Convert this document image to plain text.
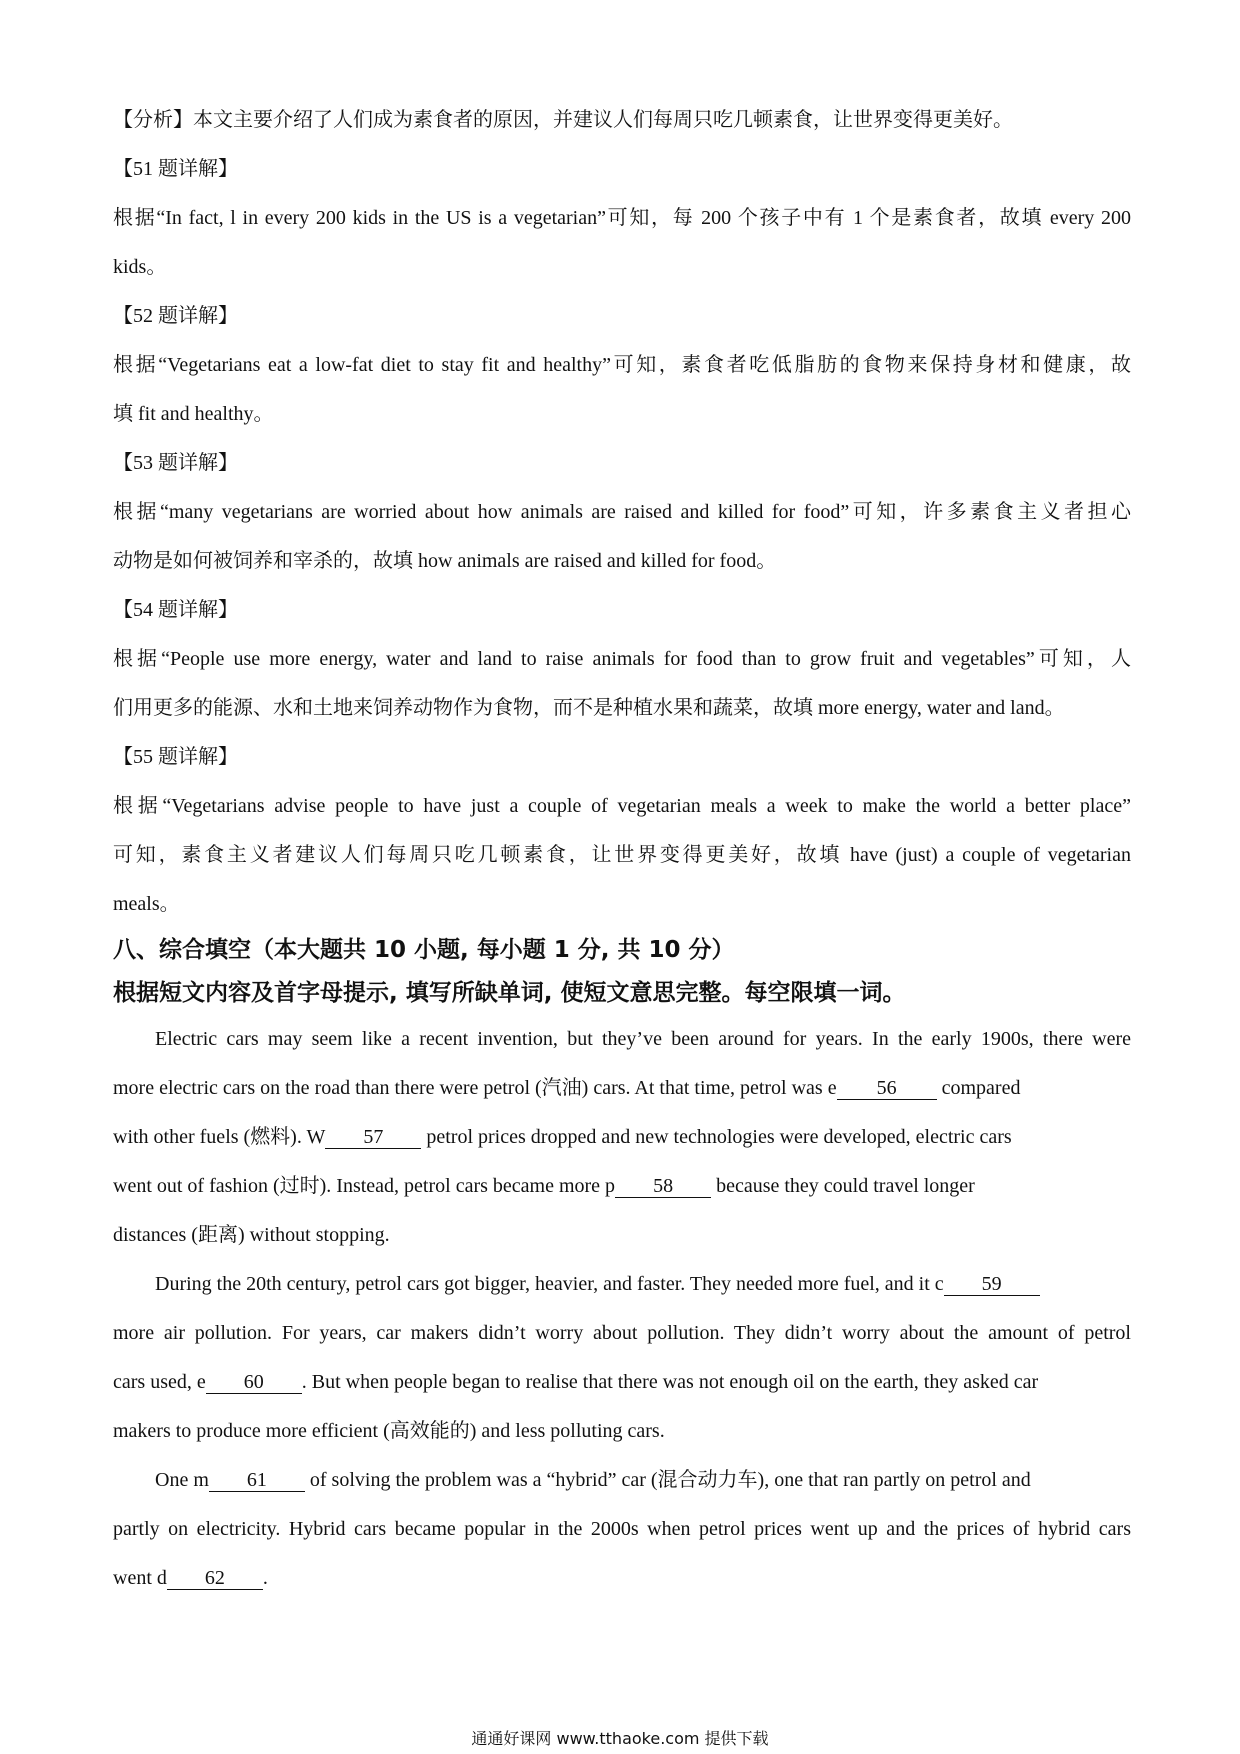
【分析】本文主要介绍了人们成为素食者的原因，并建议人们每周只吃几顿素食，让世界变得更美好。
【51 题详解】
根据“In fact, l in every 200 kids in the US is a vegetarian”可知，每 200 个孩子中有 1 个是素食者，故填 every 200
kids。
【52 题详解】
根据“Vegetarians eat a low-fat diet to stay fit and healthy”可知，素食者吃低脂肪的食物来保持身材和健康，故
填 fit and healthy。
【53 题详解】
根据“many vegetarians are worried about how animals are raised and killed for food”可知，许多素食主义者担心
动物是如何被饲养和宰杀的，故填 how animals are raised and killed for food。
【54 题详解】
根据“People use more energy, water and land to raise animals for food than to grow fruit and vegetables”可知，人
们用更多的能源、水和土地来饲养动物作为食物，而不是种植水果和蔬菜，故填 more energy, water and land。
【55 题详解】
根据“Vegetarians advise people to have just a couple of vegetarian meals a week to make the world a better place”
可知，素食主义者建议人们每周只吃几顿素食，让世界变得更美好，故填 have (just) a couple of vegetarian
meals。
八、综合填空（本大题共 10 小题, 每小题 1 分, 共 10 分）
根据短文内容及首字母提示, 填写所缺单词, 使短文意思完整。每空限填一词。
Electric cars may seem like a recent invention, but they’ve been around for years. In the early 1900s, there were
more electric cars on the road than there were petrol (汽油) cars. At that time, petrol was e 56 compared
with other fuels (燃料). W 57 petrol prices dropped and new technologies were developed, electric cars
went out of fashion (过时). Instead, petrol cars became more p 58 because they could travel longer
distances (距离) without stopping.
During the 20th century, petrol cars got bigger, heavier, and faster. They needed more fuel, and it c 59
more air pollution. For years, car makers didn’t worry about pollution. They didn’t worry about the amount of petrol
cars used, e 60 . But when people began to realise that there was not enough oil on the earth, they asked car
makers to produce more efficient (高效能的) and less polluting cars.
One m 61 of solving the problem was a “hybrid” car (混合动力车), one that ran partly on petrol and
partly on electricity. Hybrid cars became popular in the 2000s when petrol prices went up and the prices of hybrid cars
went d 62 .
通通好课网 www.tthaoke.com 提供下载
